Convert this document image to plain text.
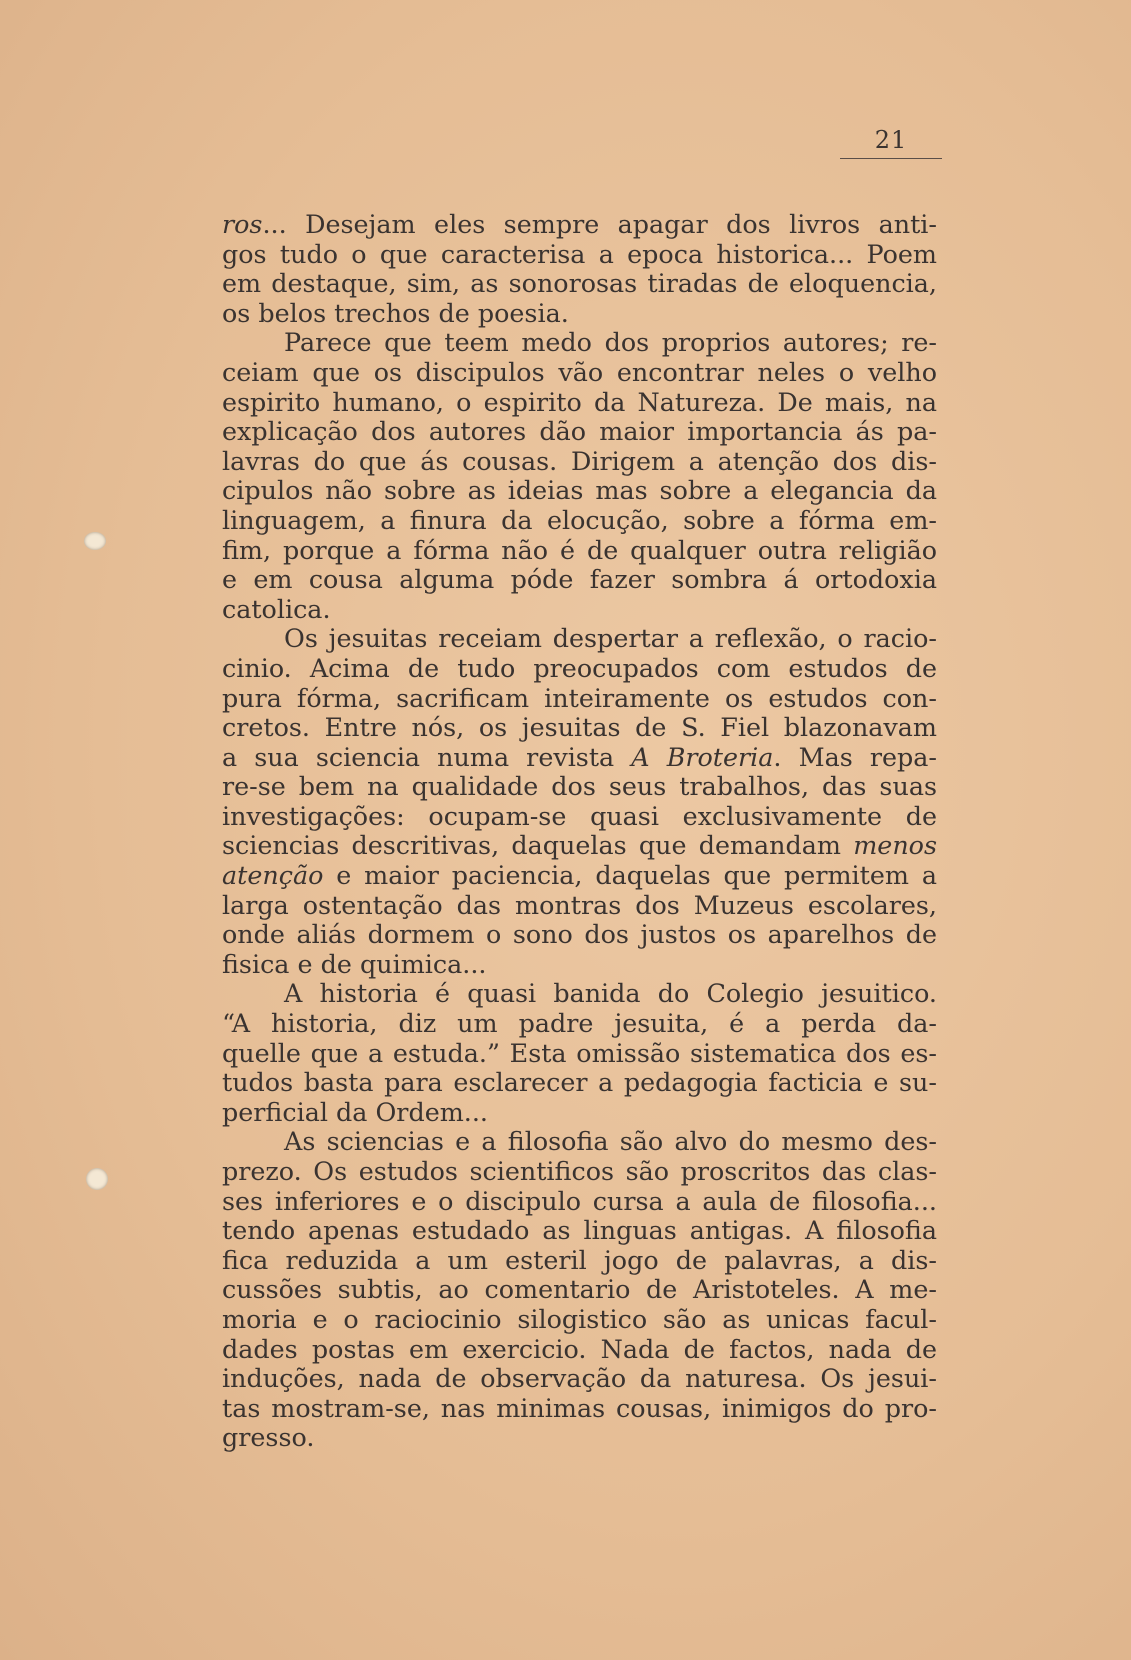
21
ros... Desejam eles sempre apagar dos livros anti-
gos tudo o que caracterisa a epoca historica... Poem
em destaque, sim, as sonorosas tiradas de eloquencia,
os belos trechos de poesia.
Parece que teem medo dos proprios autores; re-
ceiam que os discipulos vão encontrar neles o velho
espirito humano, o espirito da Natureza. De mais, na
explicação dos autores dão maior importancia ás pa-
lavras do que ás cousas. Dirigem a atenção dos dis-
cipulos não sobre as ideias mas sobre a elegancia da
linguagem, a finura da elocução, sobre a fórma em-
fim, porque a fórma não é de qualquer outra religião
e em cousa alguma póde fazer sombra á ortodoxia
catolica.
Os jesuitas receiam despertar a reflexão, o racio-
cinio. Acima de tudo preocupados com estudos de
pura fórma, sacrificam inteiramente os estudos con-
cretos. Entre nós, os jesuitas de S. Fiel blazonavam
a sua sciencia numa revista A Broteria. Mas repa-
re-se bem na qualidade dos seus trabalhos, das suas
investigações: ocupam-se quasi exclusivamente de
sciencias descritivas, daquelas que demandam menos
atenção e maior paciencia, daquelas que permitem a
larga ostentação das montras dos Muzeus escolares,
onde aliás dormem o sono dos justos os aparelhos de
fisica e de quimica...
A historia é quasi banida do Colegio jesuitico.
“A historia, diz um padre jesuita, é a perda da-
quelle que a estuda.” Esta omissão sistematica dos es-
tudos basta para esclarecer a pedagogia facticia e su-
perficial da Ordem...
As sciencias e a filosofia são alvo do mesmo des-
prezo. Os estudos scientificos são proscritos das clas-
ses inferiores e o discipulo cursa a aula de filosofia...
tendo apenas estudado as linguas antigas. A filosofia
fica reduzida a um esteril jogo de palavras, a dis-
cussões subtis, ao comentario de Aristoteles. A me-
moria e o raciocinio silogistico são as unicas facul-
dades postas em exercicio. Nada de factos, nada de
induções, nada de observação da naturesa. Os jesui-
tas mostram-se, nas minimas cousas, inimigos do pro-
gresso.
